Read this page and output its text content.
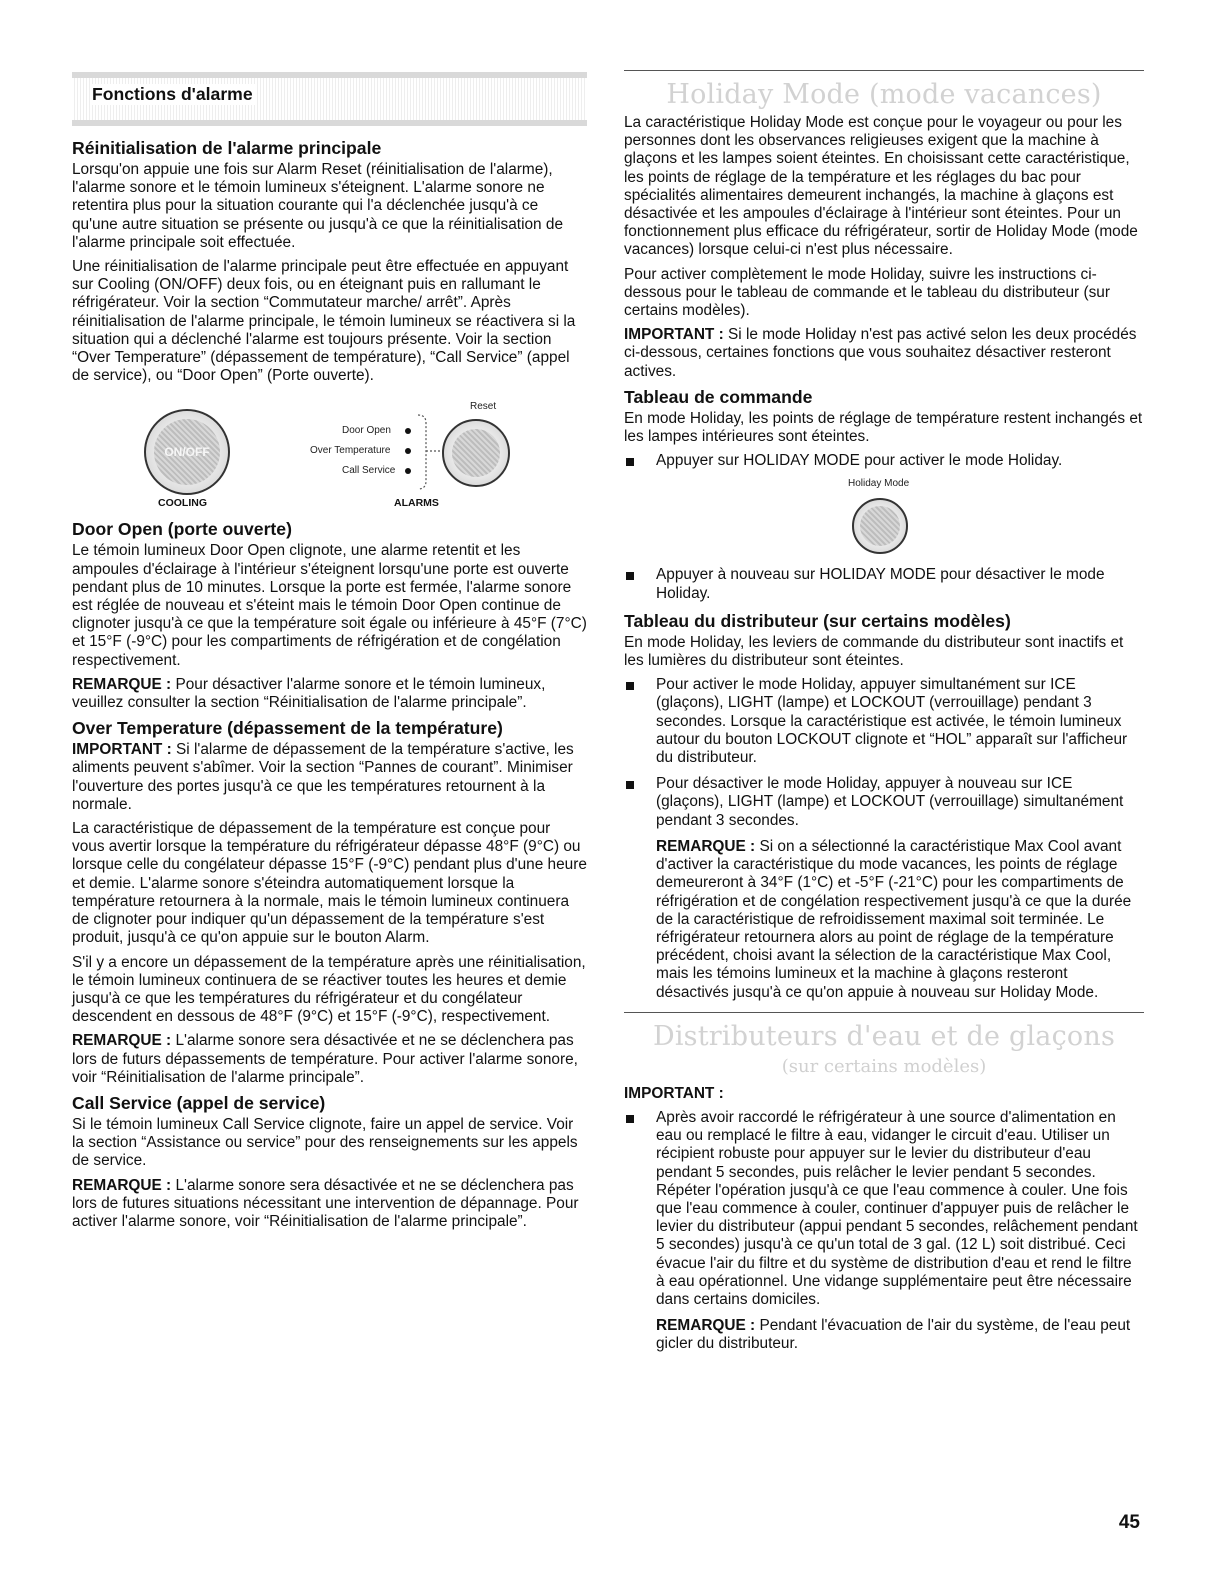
Fonctions d'alarme
Réinitialisation de l'alarme principale

Lorsqu'on appuie une fois sur Alarm Reset (réinitialisation de l'alarme), l'alarme sonore et le témoin lumineux s'éteignent. L'alarme sonore ne retentira plus pour la situation courante qui l'a déclenchée jusqu'à ce qu'une autre situation se présente ou jusqu'à ce que la réinitialisation de l'alarme principale soit effectuée.

Une réinitialisation de l'alarme principale peut être effectuée en appuyant sur Cooling (ON/OFF) deux fois, ou en éteignant puis en rallumant le réfrigérateur. Voir la section “Commutateur marche/ arrêt”. Après réinitialisation de l'alarme principale, le témoin lumineux se réactivera si la situation qui a déclenché l'alarme est toujours présente. Voir la section “Over Temperature” (dépassement de température), “Call Service” (appel de service), ou “Door Open” (Porte ouverte).

ON/OFF
Door Open
Over Temperature
Call Service
Reset
COOLING	ALARMS
Door Open (porte ouverte)

Le témoin lumineux Door Open clignote, une alarme retentit et les ampoules d'éclairage à l'intérieur s'éteignent lorsqu'une porte est ouverte pendant plus de 10 minutes. Lorsque la porte est fermée, l'alarme sonore est réglée de nouveau et s'éteint mais le témoin Door Open continue de clignoter jusqu'à ce que la température soit égale ou inférieure à 45°F (7°C) et 15°F (-9°C) pour les compartiments de réfrigération et de congélation respectivement.

REMARQUE : Pour désactiver l'alarme sonore et le témoin lumineux, veuillez consulter la section “Réinitialisation de l'alarme principale”.

Over Temperature (dépassement de la température)

IMPORTANT : Si l'alarme de dépassement de la température s'active, les aliments peuvent s'abîmer. Voir la section “Pannes de courant”. Minimiser l'ouverture des portes jusqu'à ce que les températures retournent à la normale.

La caractéristique de dépassement de la température est conçue pour vous avertir lorsque la température du réfrigérateur dépasse 48°F (9°C) ou lorsque celle du congélateur dépasse 15°F (-9°C) pendant plus d'une heure et demie. L'alarme sonore s'éteindra automatiquement lorsque la température retournera à la normale, mais le témoin lumineux continuera de clignoter pour indiquer qu'un dépassement de la température s'est produit, jusqu'à ce qu'on appuie sur le bouton Alarm.

S'il y a encore un dépassement de la température après une réinitialisation, le témoin lumineux continuera de se réactiver toutes les heures et demie jusqu'à ce que les températures du réfrigérateur et du congélateur descendent en dessous de 48°F (9°C) et 15°F (-9°C), respectivement.

REMARQUE : L'alarme sonore sera désactivée et ne se déclenchera pas lors de futurs dépassements de température. Pour activer l'alarme sonore, voir “Réinitialisation de l'alarme principale”.

Call Service (appel de service)

Si le témoin lumineux Call Service clignote, faire un appel de service. Voir la section “Assistance ou service” pour des renseignements sur les appels de service.

REMARQUE : L'alarme sonore sera désactivée et ne se déclenchera pas lors de futures situations nécessitant une intervention de dépannage. Pour activer l'alarme sonore, voir “Réinitialisation de l'alarme principale”.

Holiday Mode (mode vacances)

La caractéristique Holiday Mode est conçue pour le voyageur ou pour les personnes dont les observances religieuses exigent que la machine à glaçons et les lampes soient éteintes. En choisissant cette caractéristique, les points de réglage de la température et les réglages du bac pour spécialités alimentaires demeurent inchangés, la machine à glaçons est désactivée et les ampoules d'éclairage à l'intérieur sont éteintes. Pour un fonctionnement plus efficace du réfrigérateur, sortir de Holiday Mode (mode vacances) lorsque celui-ci n'est plus nécessaire.

Pour activer complètement le mode Holiday, suivre les instructions ci-dessous pour le tableau de commande et le tableau du distributeur (sur certains modèles).

IMPORTANT : Si le mode Holiday n'est pas activé selon les deux procédés ci-dessous, certaines fonctions que vous souhaitez désactiver resteront actives.

Tableau de commande

En mode Holiday, les points de réglage de température restent inchangés et les lampes intérieures sont éteintes.

Appuyer sur HOLIDAY MODE pour activer le mode Holiday.

Holiday Mode

Appuyer à nouveau sur HOLIDAY MODE pour désactiver le mode Holiday.

Tableau du distributeur (sur certains modèles)

En mode Holiday, les leviers de commande du distributeur sont inactifs et les lumières du distributeur sont éteintes.

Pour activer le mode Holiday, appuyer simultanément sur ICE (glaçons), LIGHT (lampe) et LOCKOUT (verrouillage) pendant 3 secondes. Lorsque la caractéristique est activée, le témoin lumineux autour du bouton LOCKOUT clignote et “HOL” apparaît sur l'afficheur du distributeur.

Pour désactiver le mode Holiday, appuyer à nouveau sur ICE (glaçons), LIGHT (lampe) et LOCKOUT (verrouillage) simultanément pendant 3 secondes.

REMARQUE : Si on a sélectionné la caractéristique Max Cool avant d'activer la caractéristique du mode vacances, les points de réglage demeureront à 34°F (1°C) et -5°F (-21°C) pour les compartiments de réfrigération et de congélation respectivement jusqu'à ce que la durée de la caractéristique de refroidissement maximal soit terminée. Le réfrigérateur retournera alors au point de réglage de la température précédent, choisi avant la sélection de la caractéristique Max Cool, mais les témoins lumineux et la machine à glaçons resteront désactivés jusqu'à ce qu'on appuie à nouveau sur Holiday Mode.

Distributeurs d'eau et de glaçons
(sur certains modèles)

IMPORTANT :

Après avoir raccordé le réfrigérateur à une source d'alimentation en eau ou remplacé le filtre à eau, vidanger le circuit d'eau. Utiliser un récipient robuste pour appuyer sur le levier du distributeur d'eau pendant 5 secondes, puis relâcher le levier pendant 5 secondes. Répéter l'opération jusqu'à ce que l'eau commence à couler. Une fois que l'eau commence à couler, continuer d'appuyer puis de relâcher le levier du distributeur (appui pendant 5 secondes, relâchement pendant 5 secondes) jusqu'à ce qu'un total de 3 gal. (12 L) soit distribué. Ceci évacue l'air du filtre et du système de distribution d'eau et rend le filtre à eau opérationnel. Une vidange supplémentaire peut être nécessaire dans certains domiciles.

REMARQUE : Pendant l'évacuation de l'air du système, de l'eau peut gicler du distributeur.

45
